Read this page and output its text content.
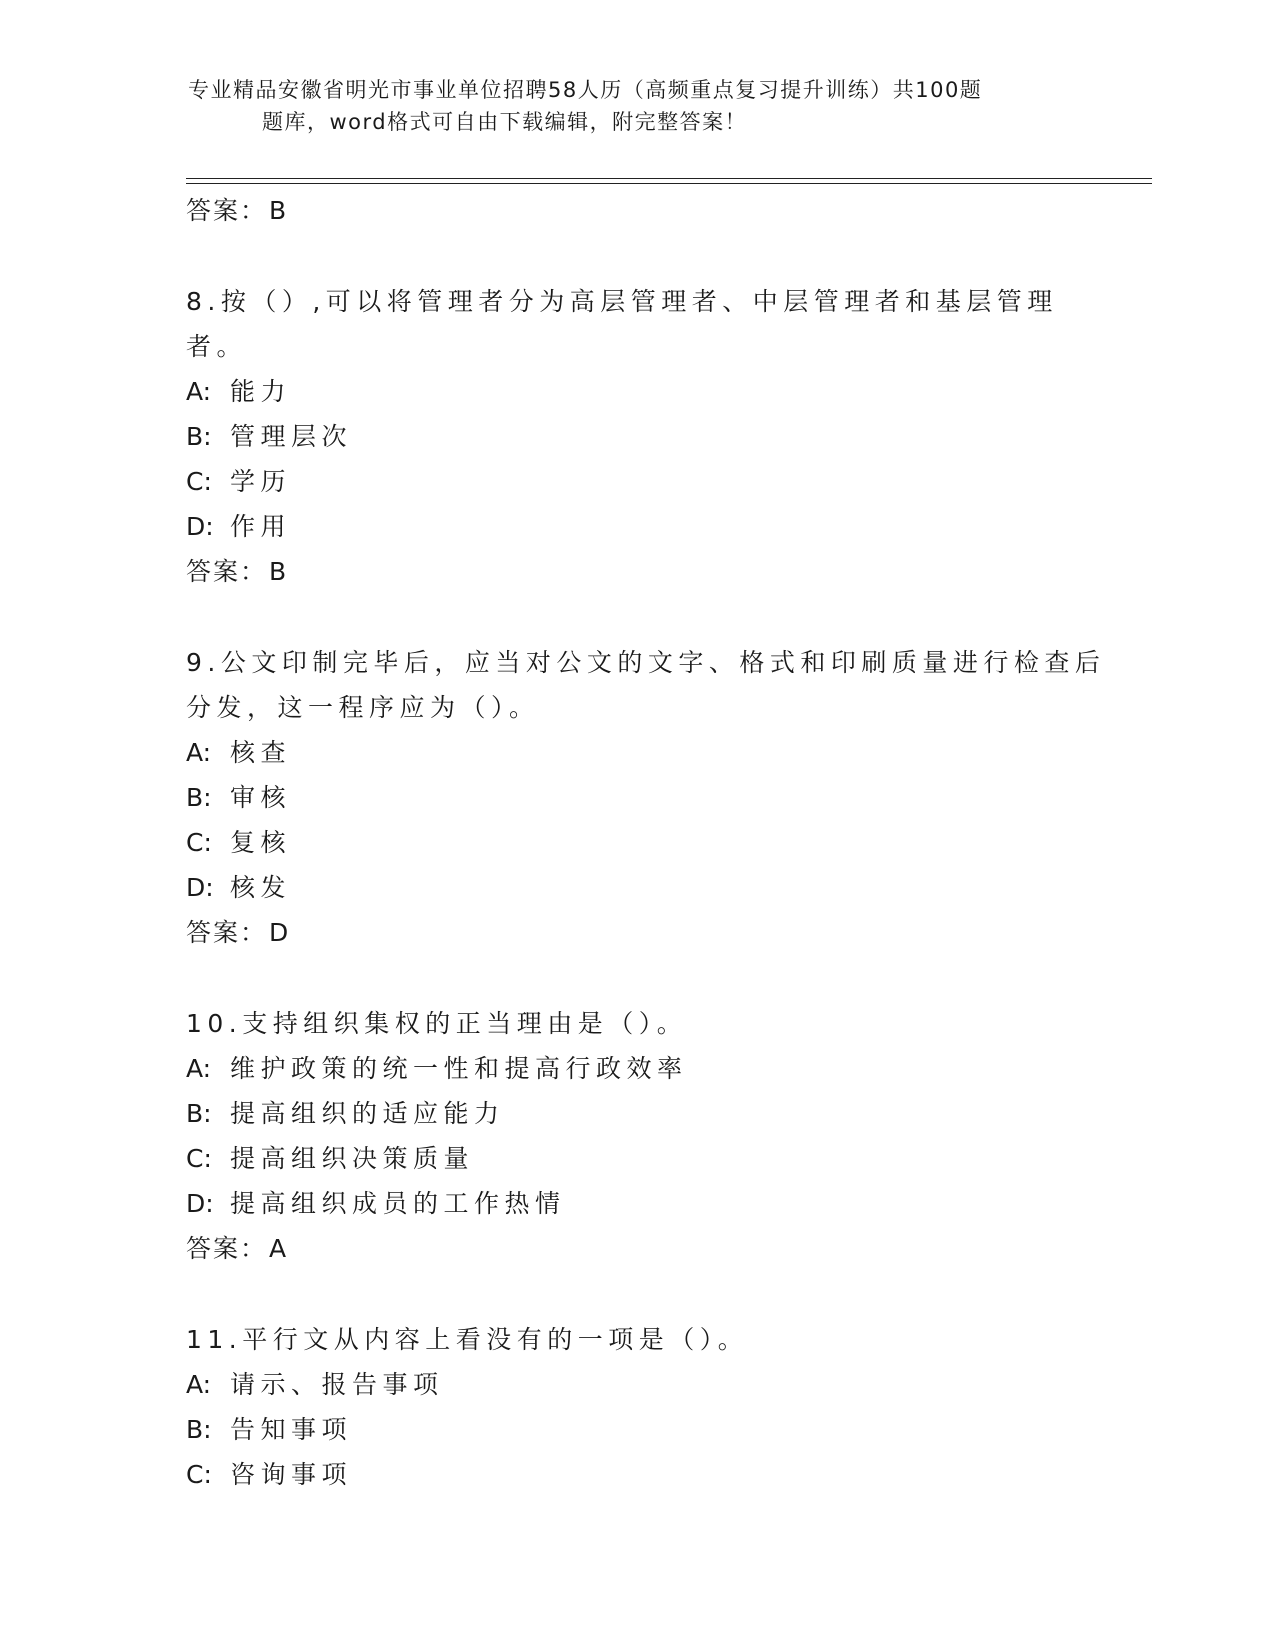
专业精品安徽省明光市事业单位招聘58人历（高频重点复习提升训练）共100题
题库，word格式可自由下载编辑，附完整答案！
答案：B
8.按（）,可以将管理者分为高层管理者、中层管理者和基层管理者。
A: 能力
B: 管理层次
C: 学历
D: 作用
答案：B
9.公文印制完毕后，应当对公文的文字、格式和印刷质量进行检查后
分发，这一程序应为（）。
A: 核查
B: 审核
C: 复核
D: 核发
答案：D
10.支持组织集权的正当理由是（）。
A: 维护政策的统一性和提高行政效率
B: 提高组织的适应能力
C: 提高组织决策质量
D: 提高组织成员的工作热情
答案：A
11.平行文从内容上看没有的一项是（）。
A: 请示、报告事项
B: 告知事项
C: 咨询事项
